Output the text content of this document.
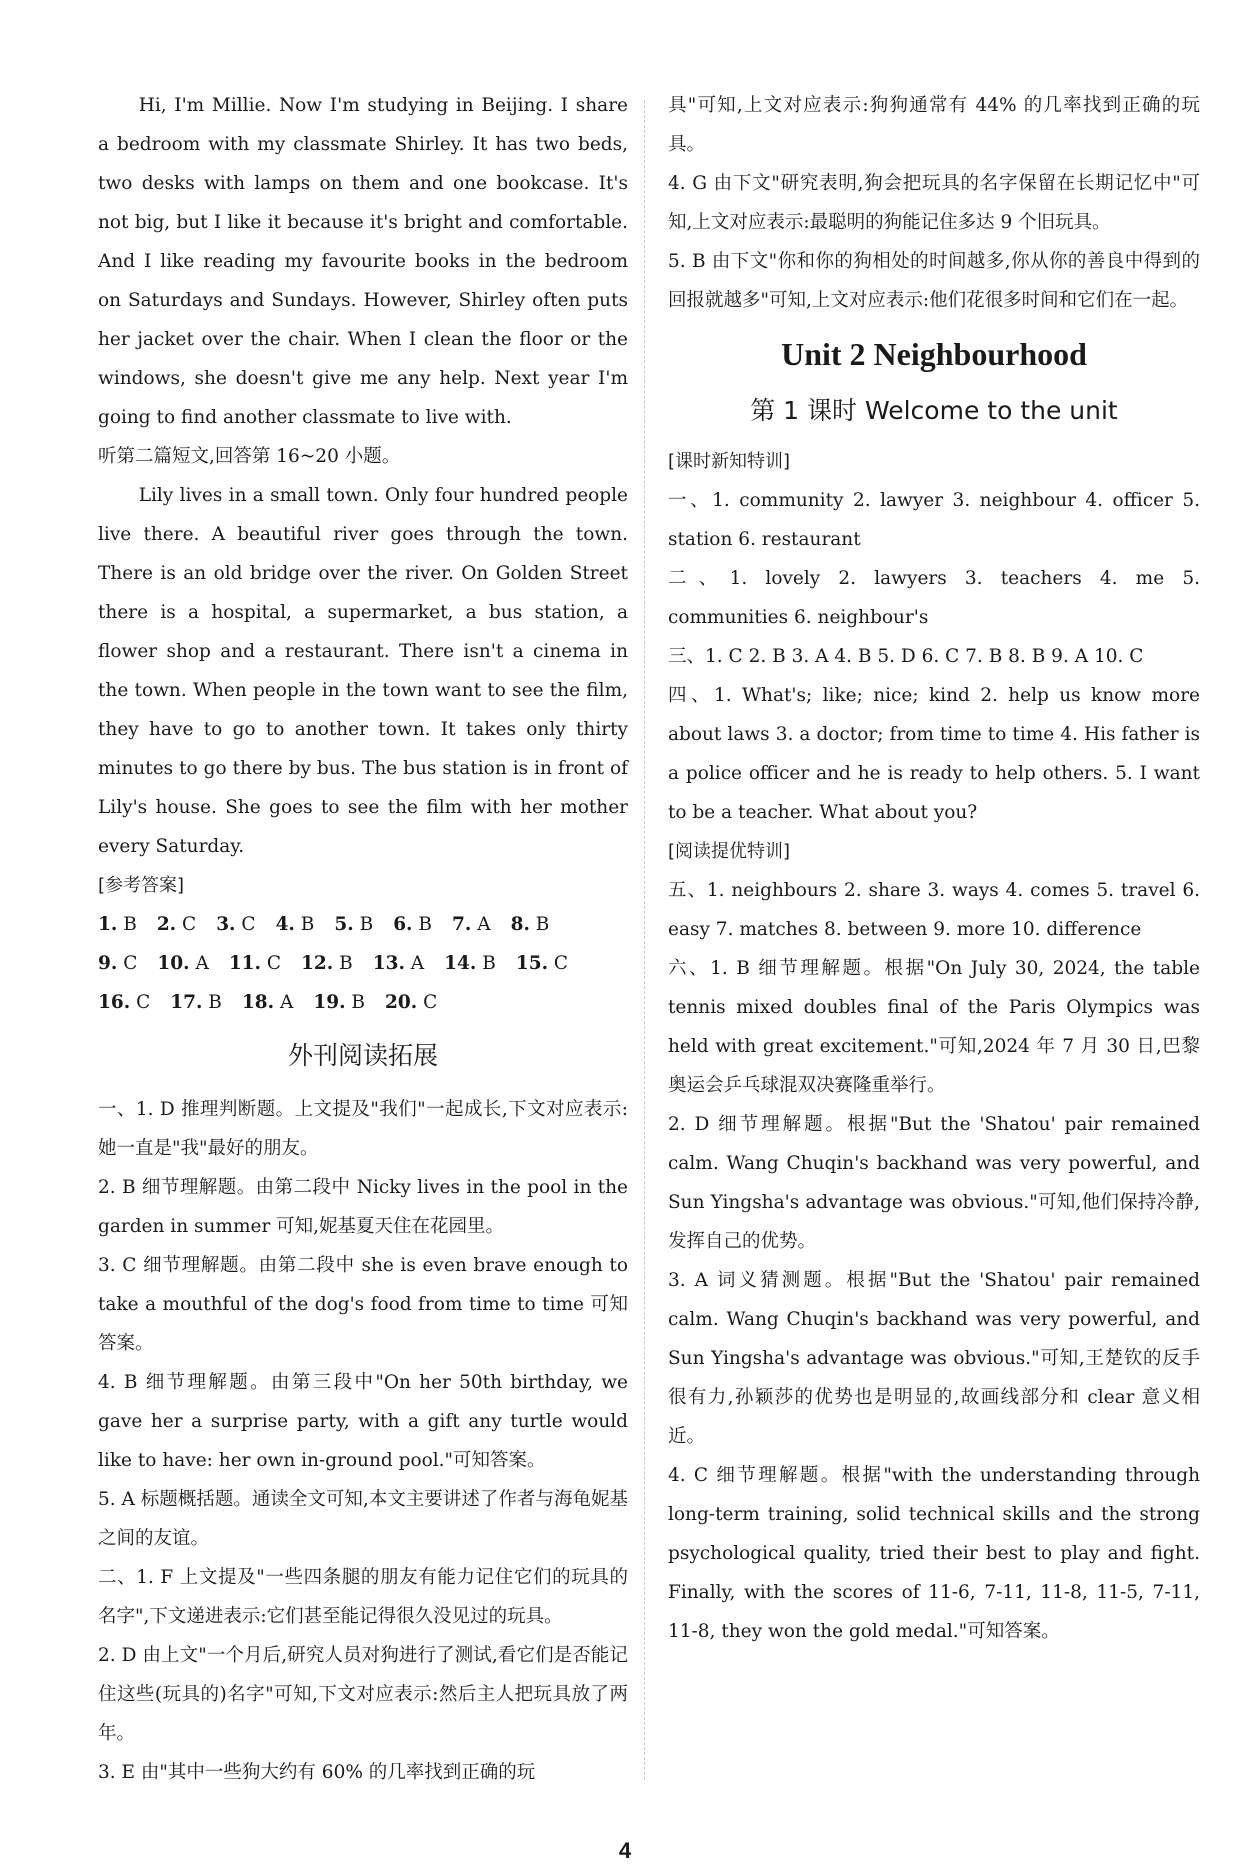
Hi, I'm Millie. Now I'm studying in Beijing. I share a bedroom with my classmate Shirley. It has two beds, two desks with lamps on them and one bookcase. It's not big, but I like it because it's bright and comfortable. And I like reading my favourite books in the bedroom on Saturdays and Sundays. However, Shirley often puts her jacket over the chair. When I clean the floor or the windows, she doesn't give me any help. Next year I'm going to find another classmate to live with.

听第二篇短文,回答第 16~20 小题。

Lily lives in a small town. Only four hundred people live there. A beautiful river goes through the town. There is an old bridge over the river. On Golden Street there is a hospital, a supermarket, a bus station, a flower shop and a restaurant. There isn't a cinema in the town. When people in the town want to see the film, they have to go to another town. It takes only thirty minutes to go there by bus. The bus station is in front of Lily's house. She goes to see the film with her mother every Saturday.

[参考答案]
1. B 2. C 3. C 4. B 5. B 6. B 7. A 8. B
9. C 10. A 11. C 12. B 13. A 14. B 15. C
16. C 17. B 18. A 19. B 20. C
外刊阅读拓展

一、1. D 推理判断题。上文提及"我们"一起成长,下文对应表示:她一直是"我"最好的朋友。

2. B 细节理解题。由第二段中 Nicky lives in the pool in the garden in summer 可知,妮基夏天住在花园里。

3. C 细节理解题。由第二段中 she is even brave enough to take a mouthful of the dog's food from time to time 可知答案。

4. B 细节理解题。由第三段中"On her 50th birthday, we gave her a surprise party, with a gift any turtle would like to have: her own in-ground pool."可知答案。

5. A 标题概括题。通读全文可知,本文主要讲述了作者与海龟妮基之间的友谊。

二、1. F 上文提及"一些四条腿的朋友有能力记住它们的玩具的名字",下文递进表示:它们甚至能记得很久没见过的玩具。

2. D 由上文"一个月后,研究人员对狗进行了测试,看它们是否能记住这些(玩具的)名字"可知,下文对应表示:然后主人把玩具放了两年。

3. E 由"其中一些狗大约有 60% 的几率找到正确的玩

具"可知,上文对应表示:狗狗通常有 44% 的几率找到正确的玩具。

4. G 由下文"研究表明,狗会把玩具的名字保留在长期记忆中"可知,上文对应表示:最聪明的狗能记住多达 9 个旧玩具。

5. B 由下文"你和你的狗相处的时间越多,你从你的善良中得到的回报就越多"可知,上文对应表示:他们花很多时间和它们在一起。

Unit 2 Neighbourhood
第 1 课时 Welcome to the unit
[课时新知特训]

一、1. community 2. lawyer 3. neighbour 4. officer 5. station 6. restaurant

二、1. lovely 2. lawyers 3. teachers 4. me 5. communities 6. neighbour's

三、1. C 2. B 3. A 4. B 5. D 6. C 7. B 8. B 9. A 10. C

四、1. What's; like; nice; kind 2. help us know more about laws 3. a doctor; from time to time 4. His father is a police officer and he is ready to help others. 5. I want to be a teacher. What about you?

[阅读提优特训]

五、1. neighbours 2. share 3. ways 4. comes 5. travel 6. easy 7. matches 8. between 9. more 10. difference

六、1. B 细节理解题。根据"On July 30, 2024, the table tennis mixed doubles final of the Paris Olympics was held with great excitement."可知,2024 年 7 月 30 日,巴黎奥运会乒乓球混双决赛隆重举行。

2. D 细节理解题。根据"But the 'Shatou' pair remained calm. Wang Chuqin's backhand was very powerful, and Sun Yingsha's advantage was obvious."可知,他们保持冷静,发挥自己的优势。

3. A 词义猜测题。根据"But the 'Shatou' pair remained calm. Wang Chuqin's backhand was very powerful, and Sun Yingsha's advantage was obvious."可知,王楚钦的反手很有力,孙颖莎的优势也是明显的,故画线部分和 clear 意义相近。

4. C 细节理解题。根据"with the understanding through long-term training, solid technical skills and the strong psychological quality, tried their best to play and fight. Finally, with the scores of 11-6, 7-11, 11-8, 11-5, 7-11, 11-8, they won the gold medal."可知答案。

4
